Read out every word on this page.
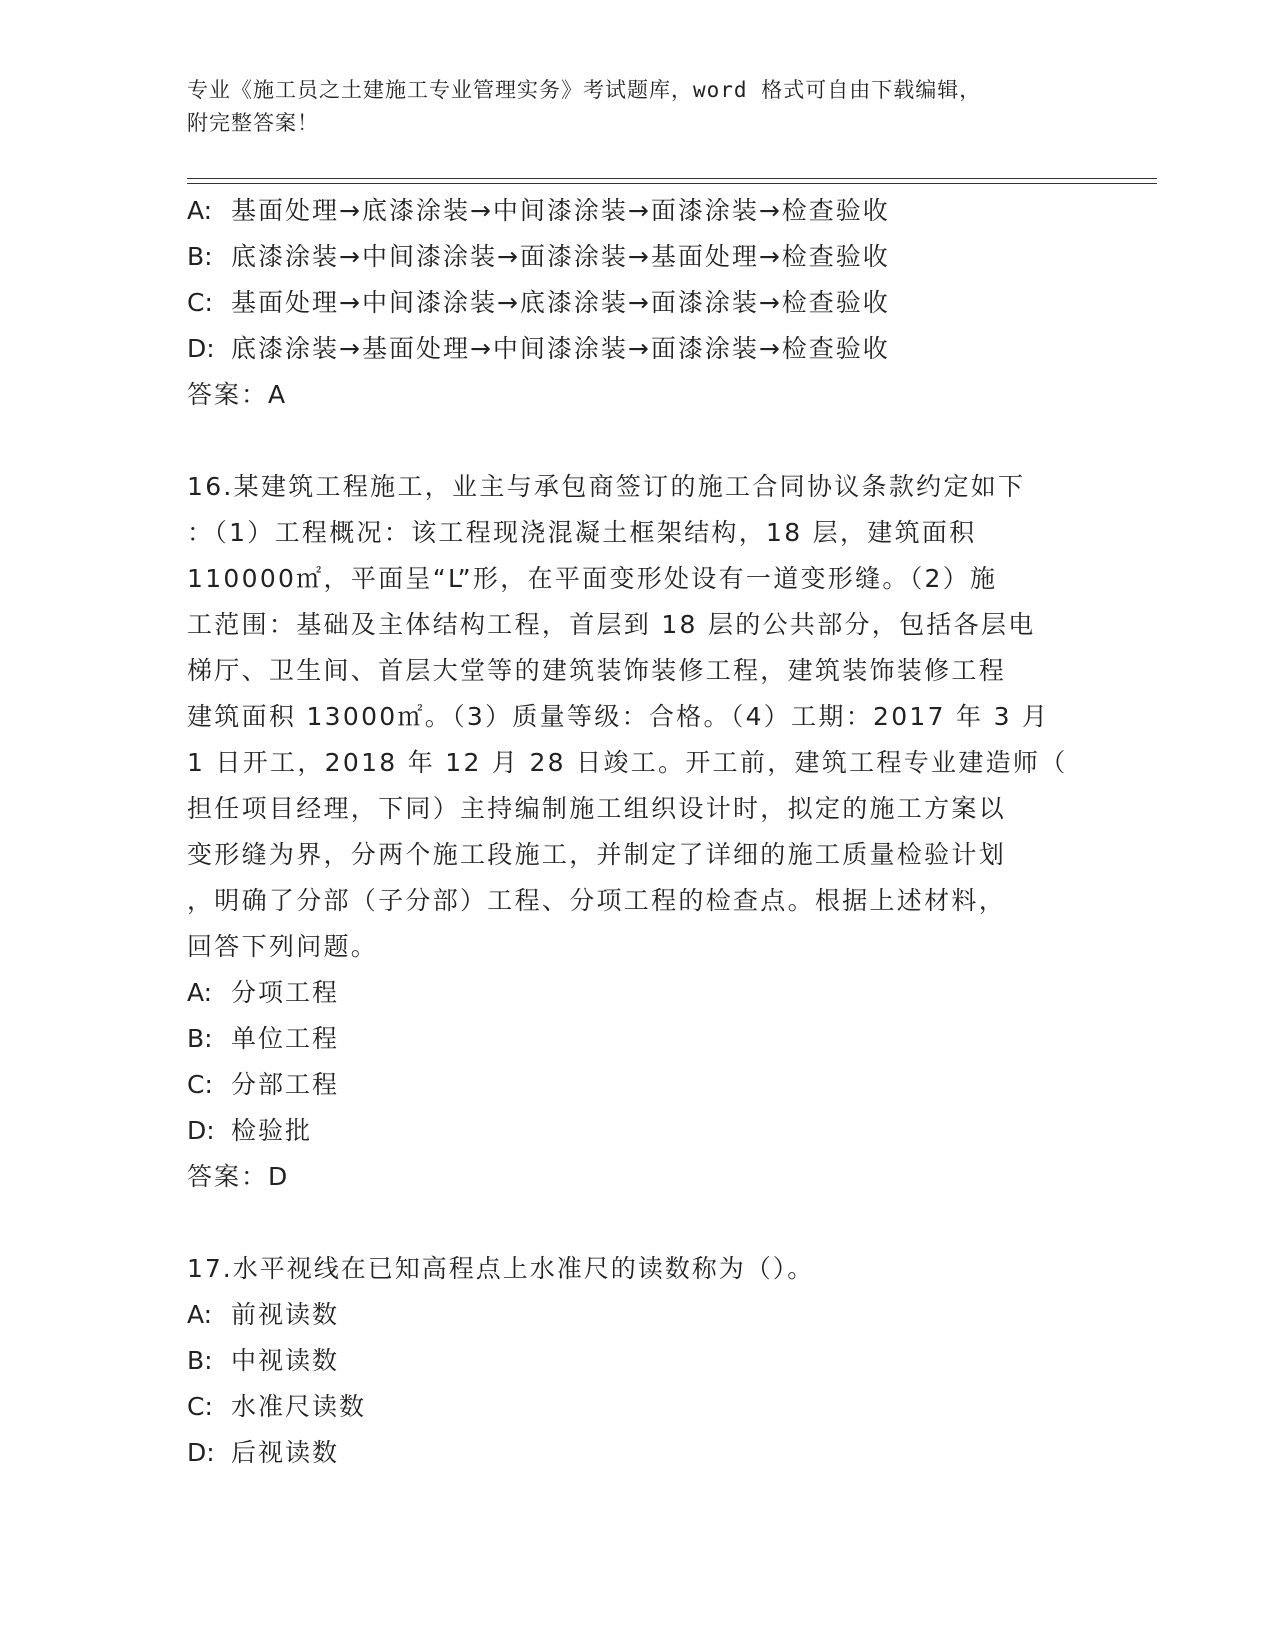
专业《施工员之土建施工专业管理实务》考试题库，word 格式可自由下载编辑，
附完整答案！
A: 基面处理→底漆涂装→中间漆涂装→面漆涂装→检查验收
B: 底漆涂装→中间漆涂装→面漆涂装→基面处理→检查验收
C: 基面处理→中间漆涂装→底漆涂装→面漆涂装→检查验收
D: 底漆涂装→基面处理→中间漆涂装→面漆涂装→检查验收
答案：A
16.某建筑工程施工，业主与承包商签订的施工合同协议条款约定如下
：（1）工程概况：该工程现浇混凝土框架结构，18 层，建筑面积
110000㎡，平面呈“L”形，在平面变形处设有一道变形缝。（2）施
工范围：基础及主体结构工程，首层到 18 层的公共部分，包括各层电
梯厅、卫生间、首层大堂等的建筑装饰装修工程，建筑装饰装修工程
建筑面积 13000㎡。（3）质量等级：合格。（4）工期：2017 年 3 月
1 日开工，2018 年 12 月 28 日竣工。开工前，建筑工程专业建造师（
担任项目经理，下同）主持编制施工组织设计时，拟定的施工方案以
变形缝为界，分两个施工段施工，并制定了详细的施工质量检验计划
，明确了分部（子分部）工程、分项工程的检查点。根据上述材料，
回答下列问题。
A: 分项工程
B: 单位工程
C: 分部工程
D: 检验批
答案：D
17.水平视线在已知高程点上水准尺的读数称为（）。
A: 前视读数
B: 中视读数
C: 水准尺读数
D: 后视读数
